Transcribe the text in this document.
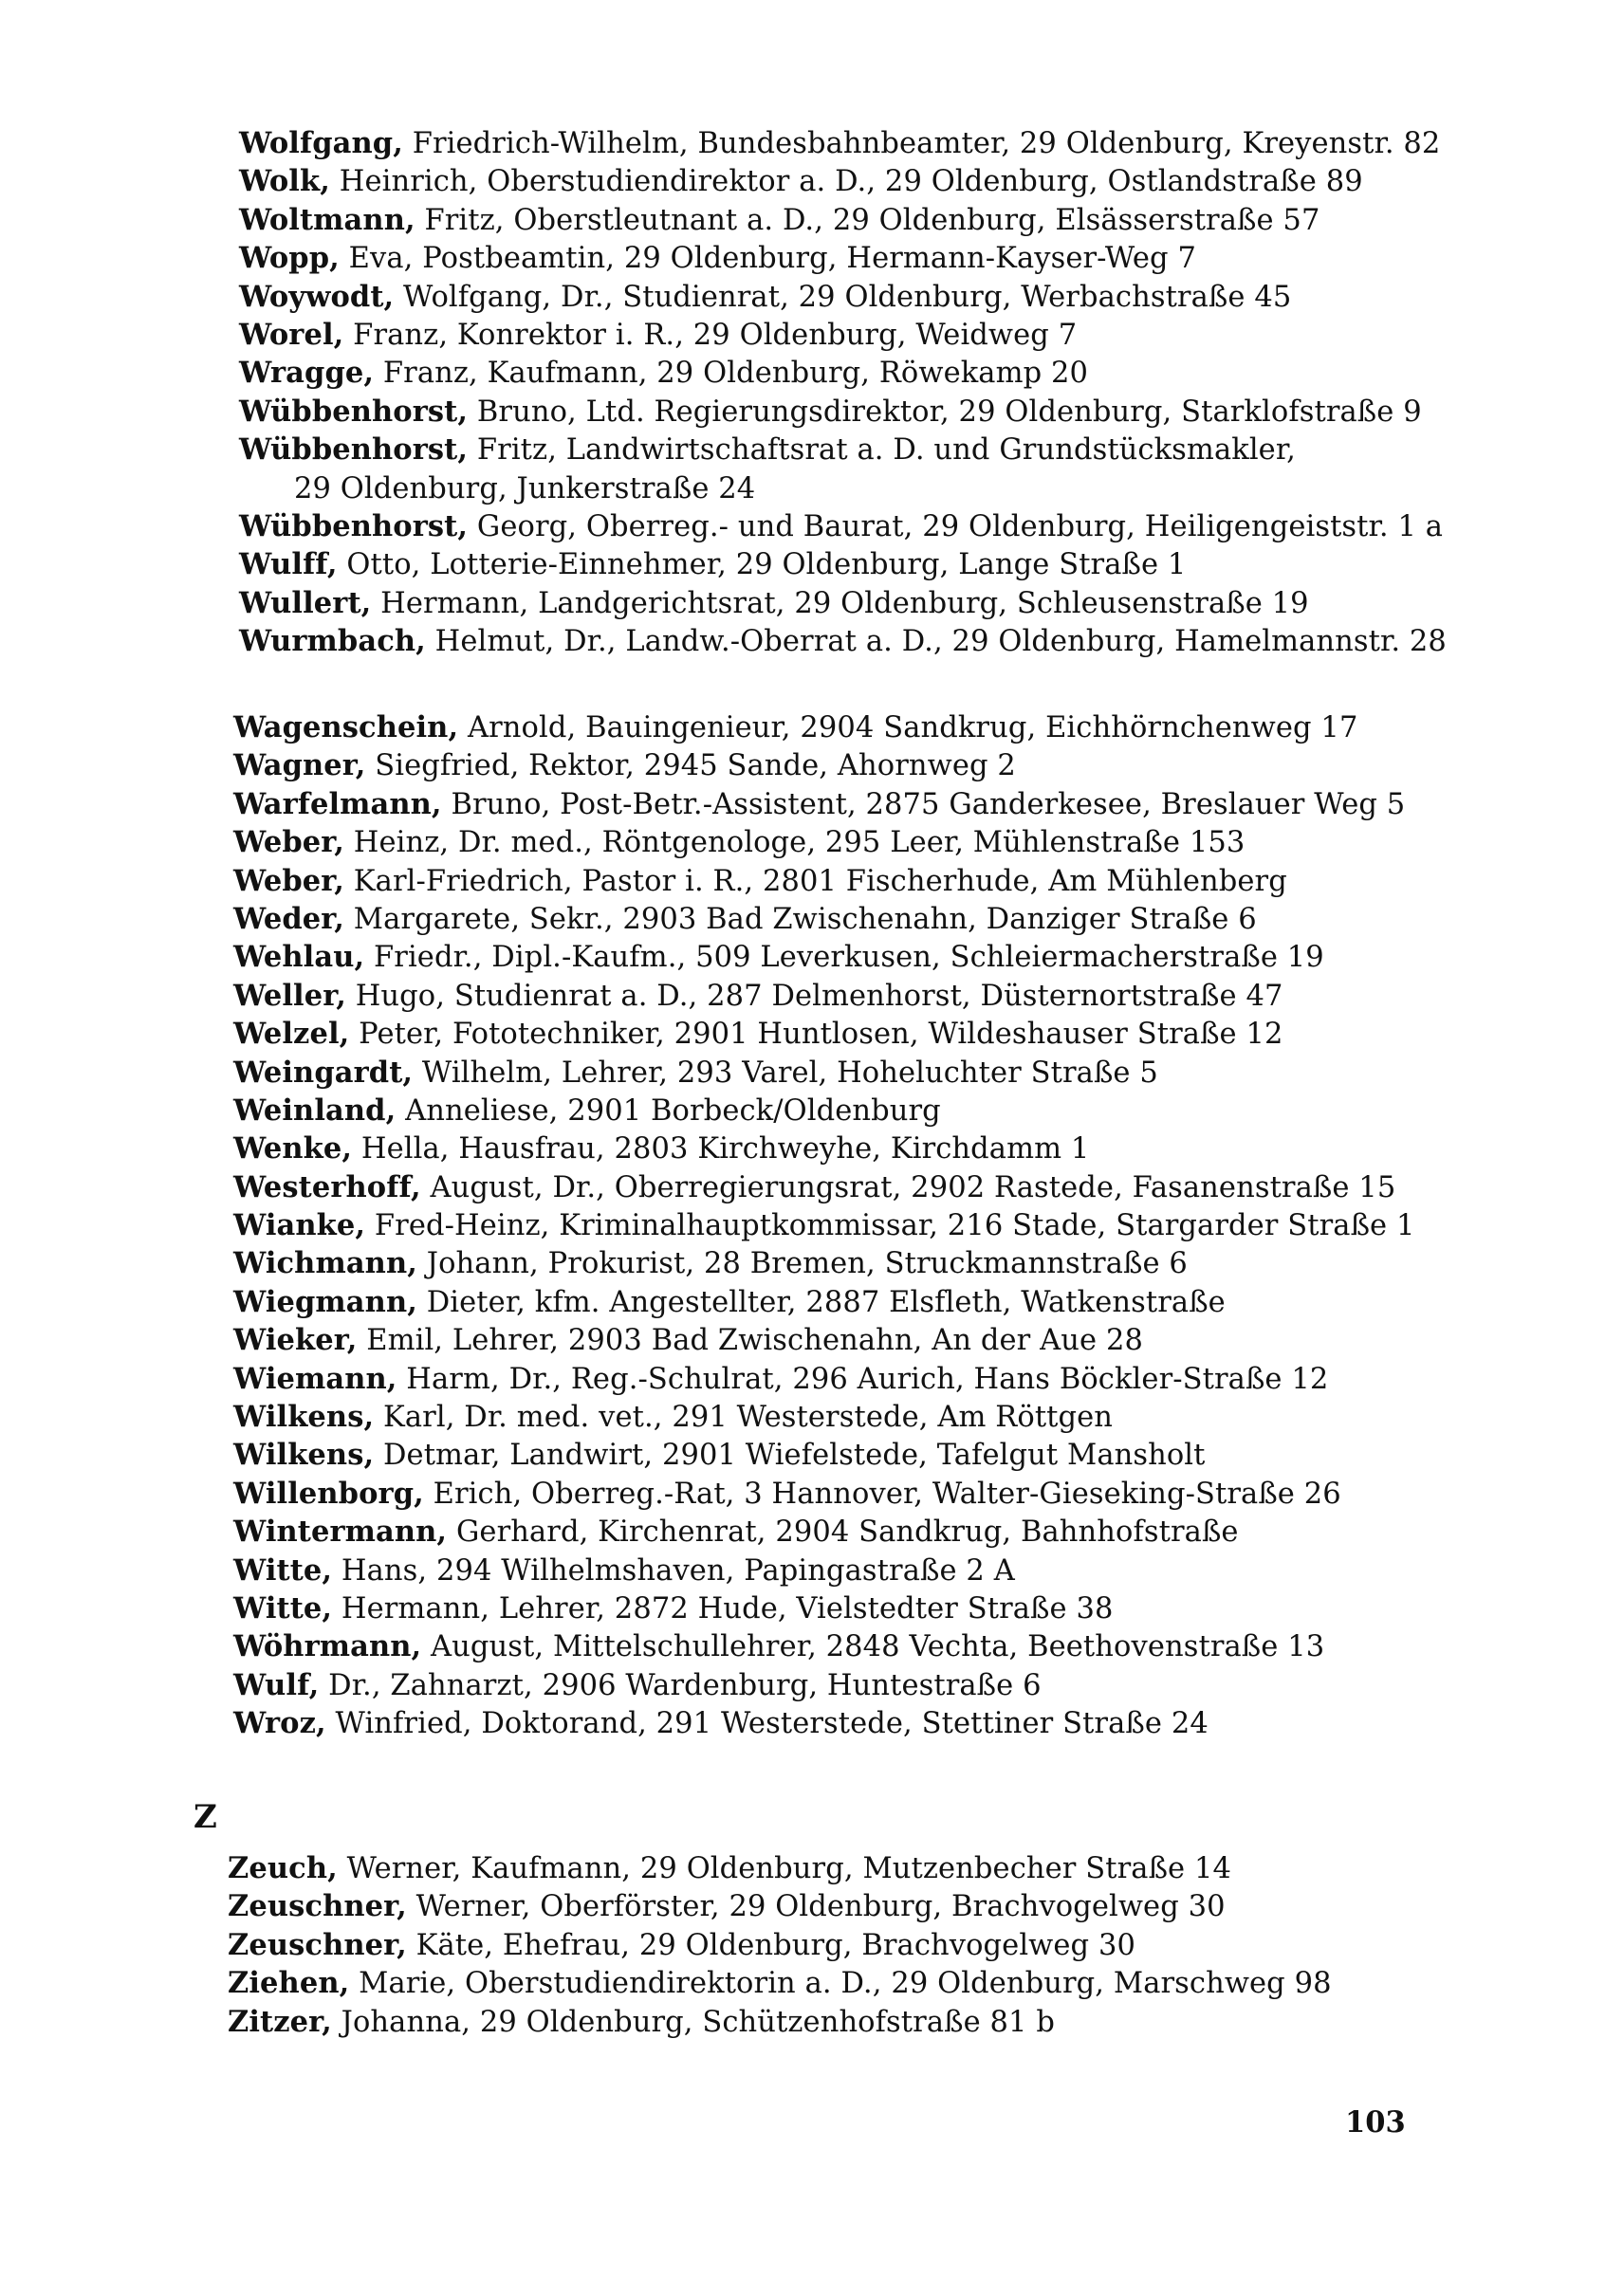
Wolfgang, Friedrich-Wilhelm, Bundesbahnbeamter, 29 Oldenburg, Kreyenstr. 82
Wolk, Heinrich, Oberstudiendirektor a. D., 29 Oldenburg, Ostlandstraße 89
Woltmann, Fritz, Oberstleutnant a. D., 29 Oldenburg, Elsässerstraße 57
Wopp, Eva, Postbeamtin, 29 Oldenburg, Hermann-Kayser-Weg 7
Woywodt, Wolfgang, Dr., Studienrat, 29 Oldenburg, Werbachstraße 45
Worel, Franz, Konrektor i. R., 29 Oldenburg, Weidweg 7
Wragge, Franz, Kaufmann, 29 Oldenburg, Röwekamp 20
Wübbenhorst, Bruno, Ltd. Regierungsdirektor, 29 Oldenburg, Starklofstraße 9
Wübbenhorst, Fritz, Landwirtschaftsrat a. D. und Grundstücksmakler,
29 Oldenburg, Junkerstraße 24
Wübbenhorst, Georg, Oberreg.- und Baurat, 29 Oldenburg, Heiligengeiststr. 1 a
Wulff, Otto, Lotterie-Einnehmer, 29 Oldenburg, Lange Straße 1
Wullert, Hermann, Landgerichtsrat, 29 Oldenburg, Schleusenstraße 19
Wurmbach, Helmut, Dr., Landw.-Oberrat a. D., 29 Oldenburg, Hamelmannstr. 28
Wagenschein, Arnold, Bauingenieur, 2904 Sandkrug, Eichhörnchenweg 17
Wagner, Siegfried, Rektor, 2945 Sande, Ahornweg 2
Warfelmann, Bruno, Post-Betr.-Assistent, 2875 Ganderkesee, Breslauer Weg 5
Weber, Heinz, Dr. med., Röntgenologe, 295 Leer, Mühlenstraße 153
Weber, Karl-Friedrich, Pastor i. R., 2801 Fischerhude, Am Mühlenberg
Weder, Margarete, Sekr., 2903 Bad Zwischenahn, Danziger Straße 6
Wehlau, Friedr., Dipl.-Kaufm., 509 Leverkusen, Schleiermacherstraße 19
Weller, Hugo, Studienrat a. D., 287 Delmenhorst, Düsternortstraße 47
Welzel, Peter, Fototechniker, 2901 Huntlosen, Wildeshauser Straße 12
Weingardt, Wilhelm, Lehrer, 293 Varel, Hoheluchter Straße 5
Weinland, Anneliese, 2901 Borbeck/Oldenburg
Wenke, Hella, Hausfrau, 2803 Kirchweyhe, Kirchdamm 1
Westerhoff, August, Dr., Oberregierungsrat, 2902 Rastede, Fasanenstraße 15
Wianke, Fred-Heinz, Kriminalhauptkommissar, 216 Stade, Stargarder Straße 1
Wichmann, Johann, Prokurist, 28 Bremen, Struckmannstraße 6
Wiegmann, Dieter, kfm. Angestellter, 2887 Elsfleth, Watkenstraße
Wieker, Emil, Lehrer, 2903 Bad Zwischenahn, An der Aue 28
Wiemann, Harm, Dr., Reg.-Schulrat, 296 Aurich, Hans Böckler-Straße 12
Wilkens, Karl, Dr. med. vet., 291 Westerstede, Am Röttgen
Wilkens, Detmar, Landwirt, 2901 Wiefelstede, Tafelgut Mansholt
Willenborg, Erich, Oberreg.-Rat, 3 Hannover, Walter-Gieseking-Straße 26
Wintermann, Gerhard, Kirchenrat, 2904 Sandkrug, Bahnhofstraße
Witte, Hans, 294 Wilhelmshaven, Papingastraße 2 A
Witte, Hermann, Lehrer, 2872 Hude, Vielstedter Straße 38
Wöhrmann, August, Mittelschullehrer, 2848 Vechta, Beethovenstraße 13
Wulf, Dr., Zahnarzt, 2906 Wardenburg, Huntestraße 6
Wroz, Winfried, Doktorand, 291 Westerstede, Stettiner Straße 24
Z
Zeuch, Werner, Kaufmann, 29 Oldenburg, Mutzenbecher Straße 14
Zeuschner, Werner, Oberförster, 29 Oldenburg, Brachvogelweg 30
Zeuschner, Käte, Ehefrau, 29 Oldenburg, Brachvogelweg 30
Ziehen, Marie, Oberstudiendirektorin a. D., 29 Oldenburg, Marschweg 98
Zitzer, Johanna, 29 Oldenburg, Schützenhofstraße 81 b
103
